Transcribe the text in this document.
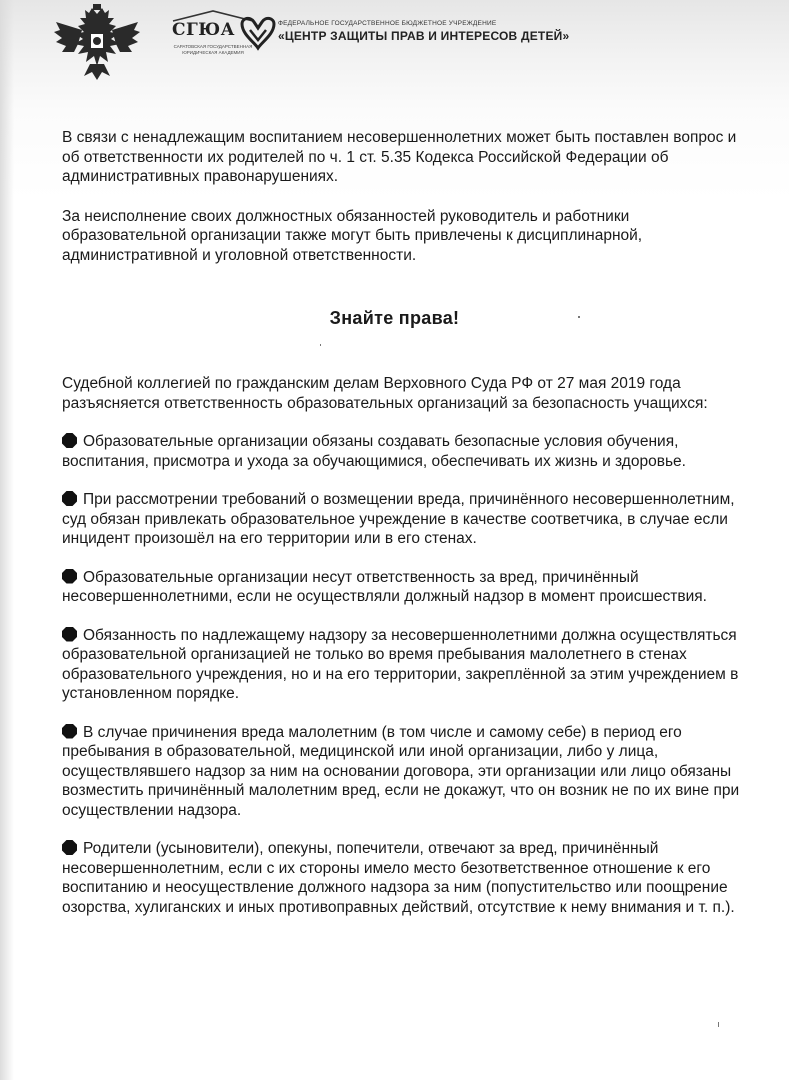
СГЮА
САРАТОВСКАЯ ГОСУДАРСТВЕННАЯ ЮРИДИЧЕСКАЯ АКАДЕМИЯ
ФЕДЕРАЛЬНОЕ ГОСУДАРСТВЕННОЕ БЮДЖЕТНОЕ УЧРЕЖДЕНИЕ
«ЦЕНТР ЗАЩИТЫ ПРАВ И ИНТЕРЕСОВ ДЕТЕЙ»

В связи с ненадлежащим воспитанием несовершеннолетних может быть поставлен вопрос и об ответственности их родителей по ч. 1 ст. 5.35 Кодекса Российской Федерации об административных правонарушениях.

За неисполнение своих должностных обязанностей руководитель и работники образовательной организации также могут быть привлечены к дисциплинарной, административной и уголовной ответственности.

Знайте права!

Судебной коллегией по гражданским делам Верховного Суда РФ от 27 мая 2019 года разъясняется ответственность образовательных организаций за безопасность учащихся:

Образовательные организации обязаны создавать безопасные условия обучения, воспитания, присмотра и ухода за обучающимися, обеспечивать их жизнь и здоровье.

При рассмотрении требований о возмещении вреда, причинённого несовершеннолетним, суд обязан привлекать образовательное учреждение в качестве соответчика, в случае если инцидент произошёл на его территории или в его стенах.

Образовательные организации несут ответственность за вред, причинённый несовершеннолетними, если не осуществляли должный надзор в момент происшествия.

Обязанность по надлежащему надзору за несовершеннолетними должна осуществляться образовательной организацией не только во время пребывания малолетнего в стенах образовательного учреждения, но и на его территории, закреплённой за этим учреждением в установленном порядке.

В случае причинения вреда малолетним (в том числе и самому себе) в период его пребывания в образовательной, медицинской или иной организации, либо у лица, осуществлявшего надзор за ним на основании договора, эти организации или лицо обязаны возместить причинённый малолетним вред, если не докажут, что он возник не по их вине при осуществлении надзора.

Родители (усыновители), опекуны, попечители, отвечают за вред, причинённый несовершеннолетним, если с их стороны имело место безответственное отношение к его воспитанию и неосуществление должного надзора за ним (попустительство или поощрение озорства, хулиганских и иных противоправных действий, отсутствие к нему внимания и т. п.).
